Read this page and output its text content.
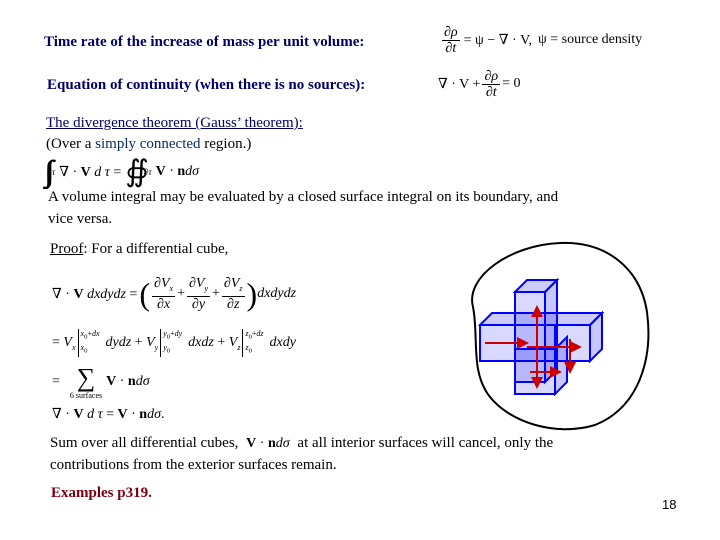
Time rate of the increase of mass per unit volume:	$\frac{\partial\rho}{\partial t} = \psi$ − ∇ · V, ψ = source density
Equation of continuity (when there is no sources):	∇ · $V + \frac{\partial\rho}{\partial t} = 0$
The divergence theorem (Gauss’ theorem):
(Over a simply connected region.)
τ ∇ · V d τ = ∯ ∂τ V · ndσ
A volume integral may be evaluated by a closed surface integral on its boundary, and
vice versa.
Proof: For a differential cube,
∇ · V dxdydz = ( $\frac{\partial V_x}{\partial x} + \frac{\partial V_y}{\partial y} + \frac{\partial V_z}{\partial z}$ ) dxdydz
= $V_x$
$x_0+dx$
$x_0$
dydz + $V_y$
$y_0+dy$
$y_0$
dxdz + $V_z$
$z_0+dz$
$z_0$
dxdy
= ∑
6 surfaces
V · ndσ
∇ · V d τ = V · ndσ.
Sum over all differential cubes, V · ndσ at all interior surfaces will cancel, only the
contributions from the exterior surfaces remain.
Examples p319.
18
